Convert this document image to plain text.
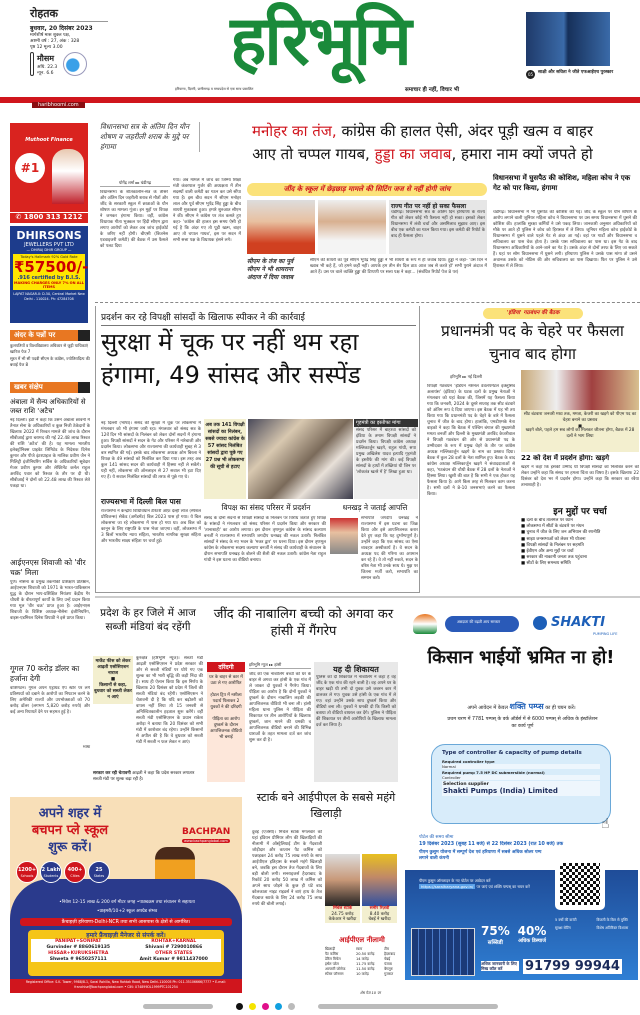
रोहतक
बुधवार, 20 दिसंबर 2023
मार्गशीर्ष मास शुक्ल पक्ष,
अष्टमी वर्ष : 27, अंक : 328
पृष्ठ 12 मूल्य 3.00
मौसम
अधि. 22.3
न्यून. 6.6	हरिभूमि
हरियाणा, दिल्ली, छत्तीसगढ़ व मध्यप्रदेश से एक साथ प्रकाशित	समाचार ही नहीं, विचार भी
05	साक्षी और सविता ने जीते एफआईएच पुरस्कार
haribhoomi.com
Muthoot Finance
#1
✆ 1800 313 1212
DHIRSONS
JEWELLERS PVT LTD
— DHIRAJ DHIR GROUP —
Today's Hallmark 92% Gold Rate
₹57500/-
.916 certified by B.I.S.
MAKING CHARGES ONLY 7% ON ALL ITEMS
LAJPAT NAGAR-II: D-50, Central Market New Delhi - 110024. Ph: 47284708
अंदर के पन्नों पर
कुलपतियों व विश्वविद्यालय अधिकार से जुड़ी याचिकाएं खारिज पेज 7
सूरत में भी सी पदवी सीएम के कांग्रेस, ज्योतिरादित्य की बधाई पेज 8
खबर संक्षेप
अंबाला में सैन्य अधिकारियों से जब्त राशि 'अटैच'
नई दिल्ली। ईडी ने कहा कि उसने अंबाला छावनी में तैनात सेना के अधिकारियों व कुछ निजी ठेकेदारों के खिलाफ 2022 में रिश्वत मामले की जांच के दौरान सीबीआई द्वारा बरामद की गई 22.48 लाख रिश्वत की राशि 'अटैच' की है। यह मामला भारतीय इलेक्ट्रॉनिक्स प्राइवेट लिमिटेड के निदेशक दिनेश कुमार और पीजे इंटरप्राइज के मालिक प्रवीण जैन ने मिलिट्री इंजीनियरिंग सर्विस के अधिकारियों सूबेदार मेजर प्रवीण कुमार और लेफ्टिनेंट कर्नल राहुल अरविंद पवार को रिश्वत के तौर पर दी थी। सीबीआई ने दोनों को 22.48 लाख की रिश्वत लेते पकड़ा था।
आईएनएस शिवाजी को 'वीर चक्र' मिला
पुणे। नौसेना के प्रमुख तकनीकी प्रशिक्षण प्रतिष्ठान, आईएनएस शिवाजी को 1971 के भारत-पाकिस्तान युद्ध के दौरान भाप-प्रशिक्षित नियंत्रण केंद्रीय गैर चौधरी के वीरतापूर्ण कार्यों के लिए उन्हें प्रदान किया गया मूल 'वीर चक्र' प्राप्त हुआ है। आईएनएस शिवाजी के विशिष्ट अध्यक्ष-नौसेना इंजीनियरिंग, वाइस-एडमिरल दिनेश त्रिपाठी ने इसे प्राप्त किया।
गूगल 70 करोड़ डॉलर का हर्जाना देगी
वाशिंगटन। गूगल अपने एंड्रायड ऐप स्टोर पर लगे प्रतिस्पर्धा को दबाने के आरोपों का निपटान करने के लिए अमेरिकी राज्यों और उपभोक्ताओं को 70 करोड़ डॉलर (लगभग 5,820 करोड़ रुपये) और कई अन्य रियायतें देने पर सहमत हुई है।
भाषा
विधानसभा सत्र के अंतिम दिन यौन शोषण व जहरीली शराब के मुद्दे पर हंगामा
मनोहर का तंज, कांग्रेस की हालत ऐसी, अंदर पूड़ी खत्म व बाहर
आए तो चप्पल गायब, हुड्डा का जवाब, हमारा नाम क्यों जपते हो
योगेंद्र शर्मा ▸▸ चंडीगढ़
विधानसभा के शीतकालीन-सत्र के तीसरे और अंतिम दिन जहरीली शराब से मौतों और जींद के सरकारी स्कूल में छात्राओं के यौन शोषण का मामला गूंजा। इन मुद्दों पर विपक्ष ने जमकर हंगामा किया। वहीं, कांग्रेस विधायक गीता भुक्कल पर हिंदी सीएम द्वारा लगाए आरोपों को लेकर अब जांच हाईकोर्ट के जरिए नहीं होगी। बीएसी (बिजनेस एडवाइजरी कमेटी) की बैठक में उस फैसले को पलट दिया
गया। अब मामले में जांच का जिम्मा शिक्षा मंत्री कंवरपाल गुर्जर की अध्यक्षता में तीन सदस्यों वाली कमेटी का गठन कर उसे सौंपा गया है। इस बीच सदन में सीएम मनोहर लाल और पूर्व सीएम भूपेंद्र सिंह हुड्डा के बीच शायरी मुकाबला हुआ। हमारे शुरुआत सीएम ने की। सीएम ने कांग्रेस पर तंज कसते हुए कहा- 'कांग्रेस की हालत इस समय ऐसी हो गई है कि अंदर गए तो पूड़ी खत्म, बाहर आए तो चप्पल गायब', इस पर सदन में सभी सत्ता पक्ष के विधायक हंसने लगे।
जींद के स्कूल में छेड़छाड़ मामले की सिटिंग जज से नहीं होगी जांच
राज्य गीत पर नहीं हो सका फैसला
चंडीगढ़। विधानसभा सत्र के अंतिम दिन हरियाणा के राज्य गीत को लेकर कोई भी फैसला नहीं हो सका। इसको लेकर विधानसभा में लंबी चर्चा और असमिलाव सुझाव आए। इस बीच एक कमेटी का गठन किया गया। इस कमेटी की रिपोर्ट के बाद ही फैसला होगा।
सीएम के तंज का पूर्व सीएम ने भी शायराना अंदाज में दिया जवाब
सीएम की शायरी का पूर्व सीएम भूपेंद्र सिंह हुड्डा ने भी शायरी के रूप में ही जवाब दिया। हुड्डा ने कहा- 'उस दिन ने ख्वाब भी कहे हैं, जो हमने कहीं नहीं। आपके हम तीन शेर दिल ठाठ आज जब से करते हो' सभी पुराने अंदाज में आते हैं। उस पर वाले व्यक्ति हुड्डा की टिप्पणी पर सत्ता पक्ष ने कहा... (संबंधित रिपोर्ट पेज 8 पर)
विधानसभा में घुसपैठ की कोशिश, महिला कोच ने एक गेट को पार किया, हंगामा
चंडीगढ़। विधानसभा में भी घुसपैठ की कोशिश की गई। जींद के स्कूल पर यौन शोषण के आरोप लगाने वाली जूनियर महिला कोच ने विधानसभा पर उस समय विधानसभा में घुसने की कोशिश की। हालांकि सुरक्षा कर्मियों ने उसे पकड़ लिया। जानकारी अनुसार अधिकारियों को मौके पर आते ही पुलिस ने कोच को हिरासत में ले लिया। जूनियर महिला कोच हाईकोर्ट के विधानसभा में घुसने वाले पहले गेट से अंदर आ गई। वहां पर गार्डों और विधानसभा व सचिवालय का पास चेक होता है। उसके पास सचिवालय का पास था। इस गेट के बाद विधानसभा अधिकारियों के आने-जाने का गेट है। उसके अंदर से दोनों तरफ के लिए जा सकते हैं। यहां पर सोम विधानसभा में घुसने लगी। हरियाणा पुलिस ने उसके पास मांगा तो उसने अचानक उसके को नोटिस की और सचिवालय का पास दिखाया। फिर पर पुलिस ने उसे हिरासत में ले लिया।
प्रदर्शन कर रहे विपक्षी सांसदों के खिलाफ स्पीकर ने की कार्रवाई
सुरक्षा में चूक पर नहीं थम रहा हंगामा, 49 सांसद और सस्पेंड
नई दिल्ली (भाषा)। संसद की सुरक्षा में चूक पर लोकसभा में मंगलवार को भी हंगामा जारी रहा। मंगलवार को संसद सत्र के 12वें दिन भी सांसदों के निलंबन को लेकर दोनों सदनों में हंगामा हुआ। विपक्षी सांसदों ने सदन के गेट और परिसर में नारेबाजी और प्रदर्शन किया। लोकसभा और राज्यसभा की कार्यवाही सुबह से 3 बार स्थगित की गई। इसके बाद लोकसभा अध्यक्ष ओम बिरला ने विपक्ष के 49 सांसदों को निलंबित कर दिया गया। इस तरह अब कुल 141 सांसद सदन की कार्यवाही में हिस्सा नहीं ले सकेंगे। यही नहीं, लोकसभा की ऑनलाइन से 27 सवाल भी हटा दिए गए हैं। ये सवाल निलंबित सांसदों की तरफ से पूछे गए थे।
राज्यसभा में दिल्ली बिल पास
राज्यसभा ने केन्द्रीय विधिविधान टेरिटरी ऑफ़ देल्ही लॉज (स्पेशल प्रोविजन्स) सेकेंड (अमेंडमेंट) बिल 2023 पास हो गया। ये बिल लोकसभा जा रहे लोकसभा में पास हो गया था। अब बिल को कानून के लिए राष्ट्रपति के पास भेजा जाएगा। वहीं, लोकसभा में 3 बिलों भारतीय न्याय संहिता, भारतीय नागरिक सुरक्षा संहिता और भारतीय साक्ष्य संहिता पर चर्चा हुई।
अब तक 141 विपक्षी सांसदों का निलंबन, सबसे ज्यादा कांग्रेस के 57 सांसद निलंबित सांसदों द्वारा पूछे गए 27 प्रश्न भी लोकसभा की सूची से हटाए
गृहमंत्री का इस्तीफा मांगा
संसद परिसर में बाहरवा सांसदों को इंडिया के तमाम विपक्षी सांसदों ने प्रदर्शन किया। विपक्षी कांग्रेस अध्यक्ष मल्लिकार्जुन खड़गे, राहुल गांधी, सपा प्रमुख अखिलेश यादव इत्यादि गृहमंत्री के इस्तीफे की मांग की। कई विपक्षी सांसदों के हाथों में तख्तियां थी जिन पर 'लोकतंत्र खतरे में है' लिखा हुआ था।
विपक्ष का संसद परिसर में प्रदर्शन
संसद के दोनों सदनों से विपक्षी सांसदों के निलंबन पर विरोध जताते हुए विपक्ष के सांसदों ने मंगलवार को संसद परिसर में प्रदर्शन किया और सरकार की 'तानाशाही' का आरोप लगाया। इस दौरान तृणमूल कांग्रेस के सांसद कल्याण बनर्जी ने राज्यसभा में सभापति जगदीप धनखड़ की नकल उतारी। निलंबित सांसदों ने संसद के नए भवन के 'मकर द्वार' पर धरना दिया। इस दौरान तृणमूल कांग्रेस के लोकसभा सदस्य कल्याण बनर्जी ने संसद की कार्यवाही के संचालन के दौरान सभापति धनखड़ के बोलने की शैली की नकल उतारी। कांग्रेस नेता राहुल गांधी ने इस घटना का वीडियो बनाया।
धनखड़ ने जताई आपत्ति
सभापति जगदीप धनखड़ ने राज्यसभा में इस घटना का जिक्र किया और इसे आपत्तिजनक करार देते हुए कहा कि यह दुर्भाग्यपूर्ण है। उन्होंने कहा कि एक सांसद का ऐसा व्यवहार अस्वीकार्य है। वे सदन के अध्यक्ष पद की गरिमा का अपमान कर रहे हैं। वे तो नहीं रुकते, सदन के वरिष्ठ नेता भी उनके साथ थे। मुझ पर जितना मर्जी करो, सभापति का सम्मान करो।
'इंडिया' गठबंधन की बैठक
प्रधानमंत्री पद के चेहरे पर फैसला चुनाव बाद होगा
हरिभूमि ▸▸ नई दिल्ली
विपक्षी गठबंधन 'इंडियन नेशनल डेवलपमेंटल इंक्लूसिव अलायंस' (इंडिया) के घटक दलों के प्रमुख नेताओं ने मंगलवार को यहां बैठक की, जिसमें यह फैसला किया गया कि जनवरी, 2024 के दूसरे सप्ताह तक सीट बंटवारे को अंतिम रूप दे दिया जाएगा। इस बैठक में यह भी तय किया गया कि प्रधानमंत्री पद के चेहरे के बारे में फैसला चुनाव में जीत के बाद होगा। हालांकि, एमडीएमके नेता वाइको ने कहा कि बैठक में पश्चिम बंगाल की मुख्यमंत्री ममता बनर्जी और दिल्ली के मुख्यमंत्री अरविंद केजरीवाल ने विपक्षी गठबंधन की ओर से प्रधानमंत्री पद के उम्मीदवार के रूप में प्रमुख चेहरे के तौर पर कांग्रेस अध्यक्ष मल्लिकार्जुन खड़गे के नाम का प्रस्ताव दिया। बैठक में कुल 28 दलों के नेता शामिल हुए। बैठक के बाद कांग्रेस अध्यक्ष मल्लिकार्जुन खड़गे ने संवाददाताओं से कहा, 'गठबंधन की चौथी बैठक में 28 दलों के नेताओं ने हिस्सा लिया। खुशी की बात है कि सभी ने एक होकर यह फैसला किया है। आगे किस तरह से मिलकर काम करना है। सभी दलों ने 8-10 जनसभाएं करने का फैसला किया।
सीट बंटवारा जनवरी मध्य तक, ममता, केजरी का खड़गे को पीएम पद का चेहरा बनाने का प्रस्ताव
■
खड़गे बोले, पहले हम सब लोगों को मिलकर जीतना होगा, बैठक में 28 दलों ने भाग लिया
22 को देश में प्रदर्शन होगा: खड़गे
खड़गे ने कहा कि इसकी उम्मीद थी विपक्षी सांसदों को निलंबित करने को लेकर उन्होंने कहा कि संसद पर हमला चिंता का विषय है। इसके खिलाफ 22 दिसंबर को देश भर में प्रदर्शन होगा। उन्होंने कहा कि सरकार का रवैया तानाशाही है।
इन मुद्दों पर चर्चा
■ दलों के बीच तालमेल पर ध्यान
■ लोकसभा में सीटों के बंटवारे पर मंथन
■ चुनाव में जीत के लिए जन अभियान की रणनीति
■ साझा जनसभाओं को लेकर भी योजना
■ विपक्षी सांसदों के निलंबन पर सहमति
■ ईवीएम और अन्य मुद्दों पर चर्चा
■ सरकार की नाकामी जनता तक पहुंचाना
■ सीटों के लिए समन्वय समिति
प्रदेश के हर जिले में आज सब्जी मंडियां बंद रहेंगी
मार्केट फीस को लेकर आढ़ती एसोसिएशन नाराज
■
किसानों से कहा, बुधवार को सब्जी लेकर न आएं
कुरुक्षेत्र (हरिभूमि न्यूज)। सब्जी मंडी आढ़ती एसोसिएशन ने प्रदेश सरकार की ओर से सब्जी मंडियों पर थोपे गए एक शुल्क का भी भारी बृद्धि की कड़ी निंदा की है। साथ ही ऐलान किया कि इस निर्णय के खिलाफ 20 दिसंबर को प्रदेश में जिलों की सब्जी मंडियां बंद रहेंगी। एसोसिएशन ने चेतावनी दी है कि यदि कर बढ़ोतरी को वापस नहीं लिया तो 15 जनवरी से अनिश्चितकालीन हड़ताल शुरू करेंगे। वहीं सब्जी मंडी एसोसिएशन के प्रधान राकेश अरोड़ा ने बताया कि 20 दिसंबर को सभी मंडी में कारोबार बंद रहेगा। उन्होंने किसानों से अपील की है कि वे बुधवार को सब्जी मंडी में सब्जी न फल लेकर न आएं।
सरकार कर रही चेतावनी आढ़ती ने कहा कि प्रदेश सरकार लगातार सब्जी मंडी पर शुल्क बढ़ा रही है।
जींद की नाबालिग बच्ची को अगवा कर हांसी में गैंगरेप
दरिंदगी
घर के बाहर से कार में उठा ले गए आरोपित
होटल ट्रिप में नशीला पदार्थ पिलाकर 2 युवकों ने की दरिंदगी
पीड़िता का आरोप दुष्कर्म के दौरान आपत्तिजनक वीडियो भी बनाई
हरिभूमि न्यूज ▸▸ हांसी
जींद की एक नाबालिग बच्ची को घर के बाहर से अगवा कर हांसी के एक गांव में ले जाकर दो युवकों ने गैंगरेप किया। पीड़िता का आरोप है कि दोनों युवकों ने दुष्कर्म के दौरान नाबालिग लड़की की आपत्तिजनक वीडियो भी बना ली। हांसी महिला थाना पुलिस ने पीड़िता की शिकायत पर तीन आरोपियों के खिलाफ दुष्कर्म, जान मारने की धमकी व आपत्तिजनक वीडियो बनाने की विभिन्न धाराओं के तहत मामला दर्ज कर जांच शुरू कर दी है।
यह दी शिकायत
पुलिस को दी शिकायत में नाबालिग ने कहा है वह जींद के एक गांव की रहने वाली है। वह अपने घर के बाहर खड़ी थी तभी दो युवक उसे जबरन कार में डालकर ले गए। युवक उसे हांसी के एक गांव में ले गए। वहां उन्होंने उसके साथ दुष्कर्म किया और वीडियो बना ली। युवकों ने धमकी दी कि किसी को बताया तो वीडियो वायरल कर देंगे। पुलिस ने पीड़िता की शिकायत पर तीनों आरोपियों के खिलाफ मामला दर्ज कर लिया है।
स्टार्क बने आईपीएल के सबसे महंगे खिलाड़ी
दुबई (एजेंसी)। मिचेल स्टार्क मंगलवार को यहां इंडियन प्रीमियर लीग की खिलाड़ियों की नीलामी में ऑस्ट्रेलियाई टीम के गेंदबाजी जोड़ीदार और कप्तान पैट कमिंस को पछाड़कर 24 करोड़ 75 लाख रुपये के साथ आईपीएल इतिहास के सबसे महंगे खिलाड़ी बने, जबकि इस दौरान तेज गेंदबाजों के लिए बड़ी बोली लगी। सनराइजर्स हैदराबाद के रिकॉर्ड 20 करोड़ 50 लाख में कमिंस को अपने साथ जोड़ने के कुछ ही घंटे बाद कोलकाता नाइट राइडर्स ने बाएं हाथ के तेज गेंदबाज स्टार्क के लिए 24 करोड़ 75 लाख रुपये की बोली लगाई।
मिचेल स्टार्क
24.75 करोड़
केकेआर ने खरीदा
समीर रिज़वी
8.40 करोड़
चेन्नई ने खरीदा
आईपीएल नीलामी
खिलाड़ी	रकम	टीम
पैट कमिंस	20.50 करोड़	हैदराबाद
डेरिल मिचेल	14 करोड़	चेन्नई
हर्षल पटेल	11.75 करोड़	पंजाब
अल्जारी जोसेफ	11.50 करोड़	बेंगलुरु
स्पेंसर जॉनसन	10 करोड़	गुजरात
शेष पेज 10 पर
अपने शहर में
बचपन प्ले स्कूल
शुरू करें।
BACHPAN
www.bachpanglobal.com
1200+
Schools
2 Lakh
Students
400+
Cities
25
States
•निवेश 12-15 लाख & 200 वर्ग मीटर जगह •पाठ्यक्रम तथा संचालन मे सहायता
•प्राइमरी/10+2 स्कूल अपग्रेड संभव
फ्रैंचाइज़ी हरियाणा-Delhi-NCR तथा सभी आसपास के क्षेत्रों से आमंत्रित।
हमारे फ्रैंचाइज़ी मैनेजर से संपर्क करें।
PANIPAT+SONIPAT
Gurvinder # 8860619135
ROHTAK+KARNAL
Shivani # 7290010866
HISSAR+KURUKSHETRA
Shweta # 9650257111
OTHER STATES
Amit Kumar # 9811437000
Registered Office: S.K. Tower, 9988/8-1, Sarai Rohilla, New Rohtak Road, New Delhi-110005 Ph: 011-35106666/7777 • E-mail: franchise@bachpanglobal.com • CIN: U74899DL1999PTC101254
अन्नदाता की बढ़ती आय सरकार	SHAKTI
PUMPING LIFE
किसान भाईयों भ्रमित ना हो!
अपने आवेदन में केवल शक्ति पम्प्स का ही चयन करें।
प्रथम चरण में 7781 पम्पस् के वर्क ऑर्डर्स में से 6000 पम्पस् से अधिक के इंस्टॉलेशन का कार्य पूर्ण
Type of controller & capacity of pump details
Required controller type
Normal
Required pump 7.5 HP DC submersible (normal)
Controller
Selection supplier
Shakti Pumps (India) Limited
☝
पोर्टल की समय सीमा
19 दिसंबर 2023 (सुबह 11 बजे) से 22 दिसंबर 2023 (रात 10 बजे) तक
पीएम कुसुम योजना में सम्पूर्ण देश एवं हरियाणा में सबसे अधिक सोलर पम्प लगाने वाली कंपनी
पीएम कुसुम ऑनलाइन के नए पोर्टल पर आवेदन करें
https://saralharyana.gov.in/ पर जाएं एवं शक्ति पम्पस् का चयन करें
75%
सब्सिडी
40%
अधिक डिस्चार्ज
5 वर्षों की वारंटी	बिजली के बिल से मुक्ति
सुरक्षा सेटिंग	विशेष अतिरिक्त विश्वास
अधिक जानकारी के लिए मिस्ड कॉल करें	91799 99944
